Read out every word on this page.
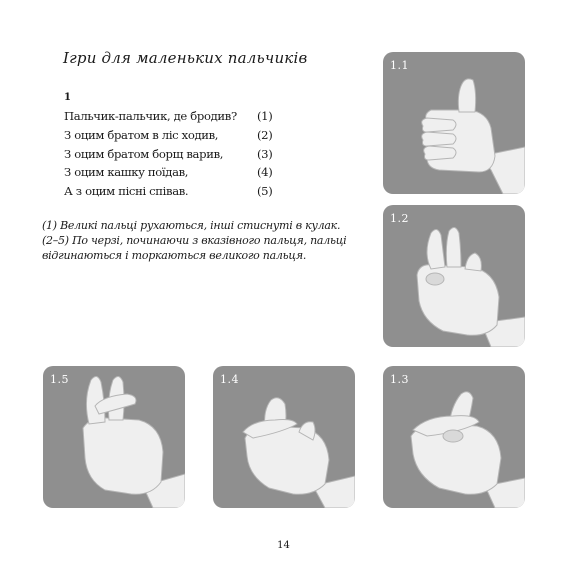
Ігри для маленьких пальчиків
1
Пальчик-пальчик, де бродив? (1)
З оцим братом в ліс ходив,	(2)
З оцим братом борщ варив,	(3)
З оцим кашку поїдав,	(4)
А з оцим пісні співав.	(5)

(1) Великі пальці рухаються, інші стиснуті в кулак.

(2–5) По черзі, починаючи з вказівного пальця, пальці відгинаються і торкаються великого пальця.

1.1
1.2
1.5	1.4	1.3
14
